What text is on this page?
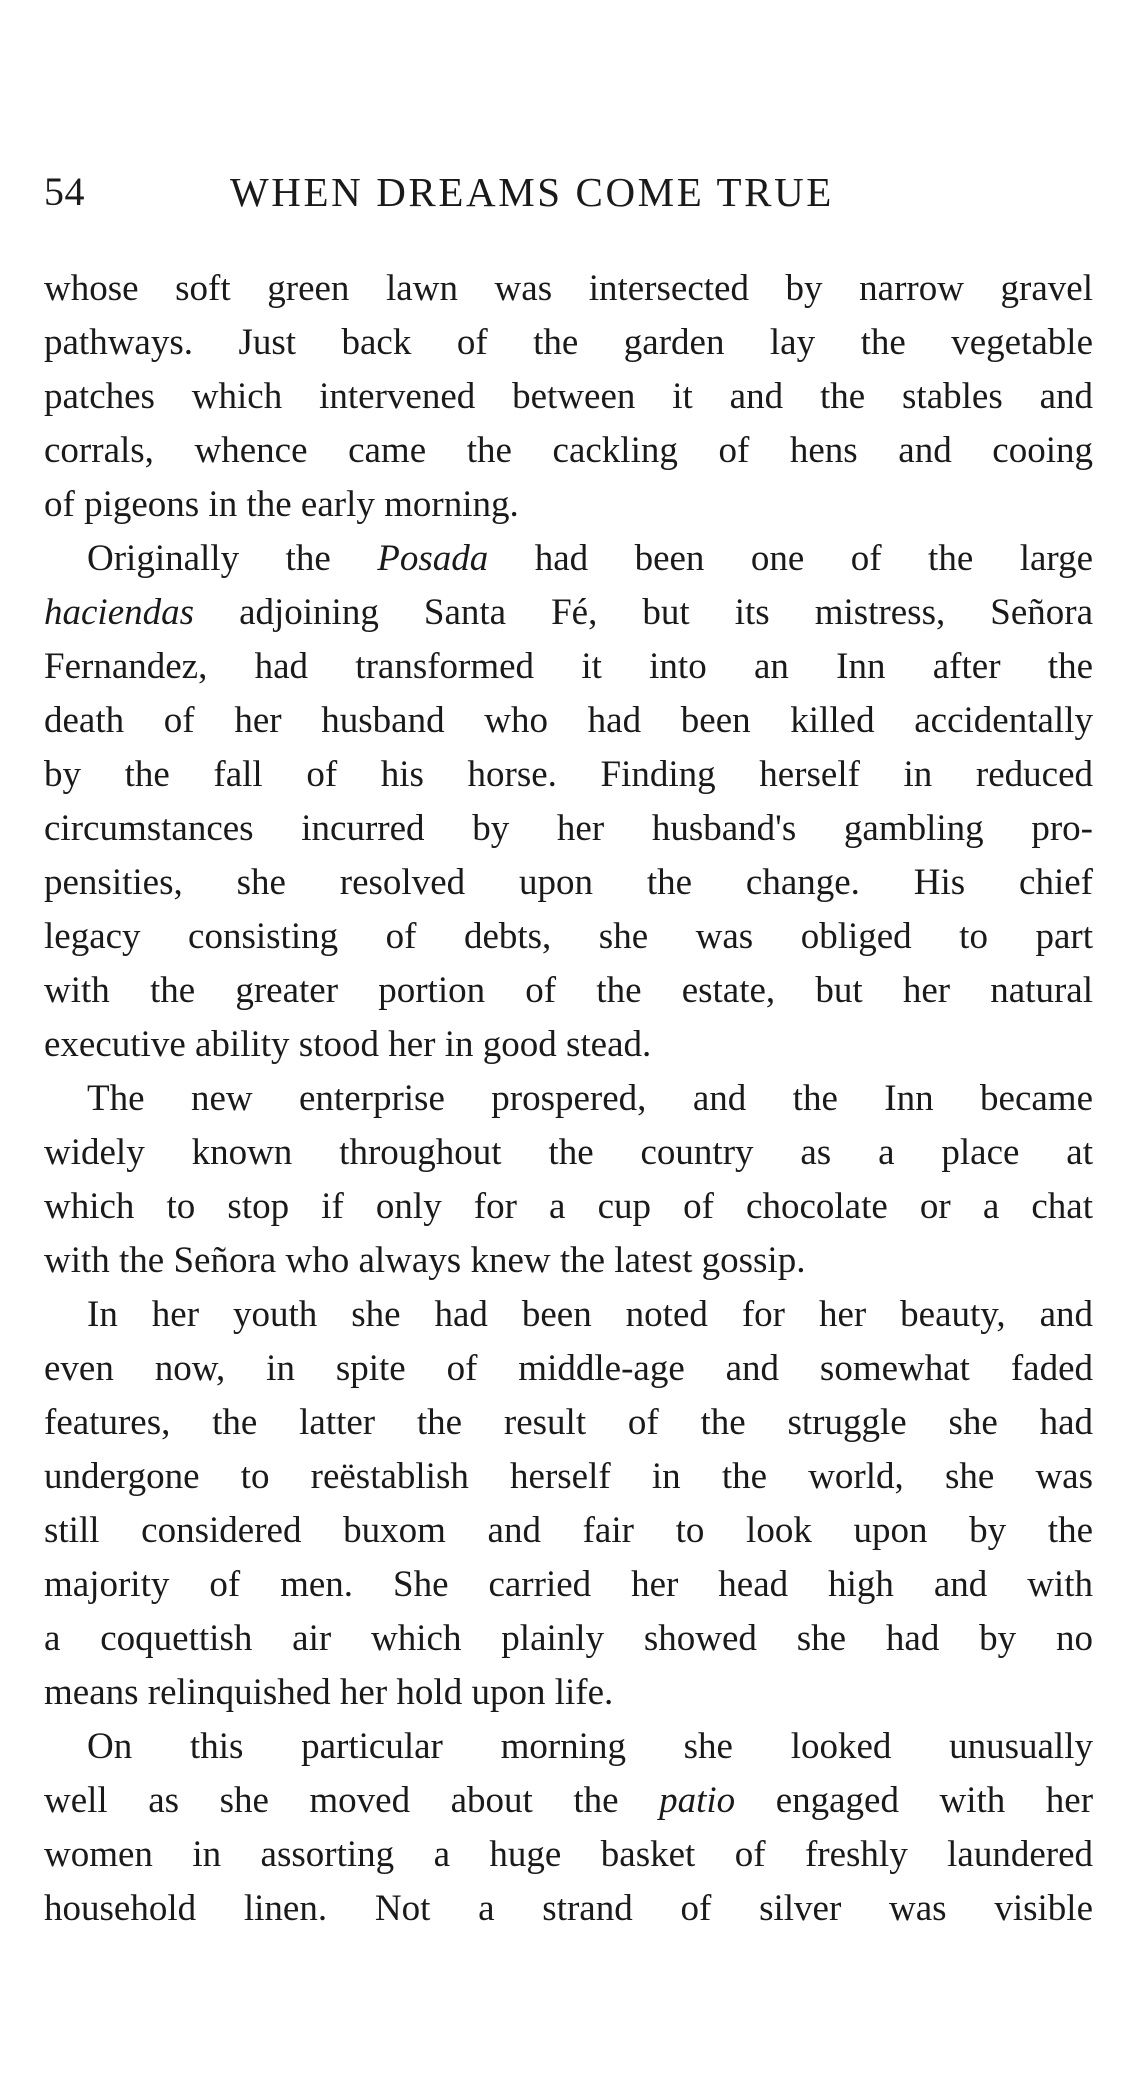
54	WHEN DREAMS COME TRUE
whose soft green lawn was intersected by narrow gravel
pathways. Just back of the garden lay the vegetable
patches which intervened between it and the stables and
corrals, whence came the cackling of hens and cooing
of pigeons in the early morning.
Originally the Posada had been one of the large
haciendas adjoining Santa Fé, but its mistress, Señora
Fernandez, had transformed it into an Inn after the
death of her husband who had been killed accidentally
by the fall of his horse. Finding herself in reduced
circumstances incurred by her husband's gambling pro-
pensities, she resolved upon the change. His chief
legacy consisting of debts, she was obliged to part
with the greater portion of the estate, but her natural
executive ability stood her in good stead.
The new enterprise prospered, and the Inn became
widely known throughout the country as a place at
which to stop if only for a cup of chocolate or a chat
with the Señora who always knew the latest gossip.
In her youth she had been noted for her beauty, and
even now, in spite of middle-age and somewhat faded
features, the latter the result of the struggle she had
undergone to reëstablish herself in the world, she was
still considered buxom and fair to look upon by the
majority of men. She carried her head high and with
a coquettish air which plainly showed she had by no
means relinquished her hold upon life.
On this particular morning she looked unusually
well as she moved about the patio engaged with her
women in assorting a huge basket of freshly laundered
household linen. Not a strand of silver was visible
